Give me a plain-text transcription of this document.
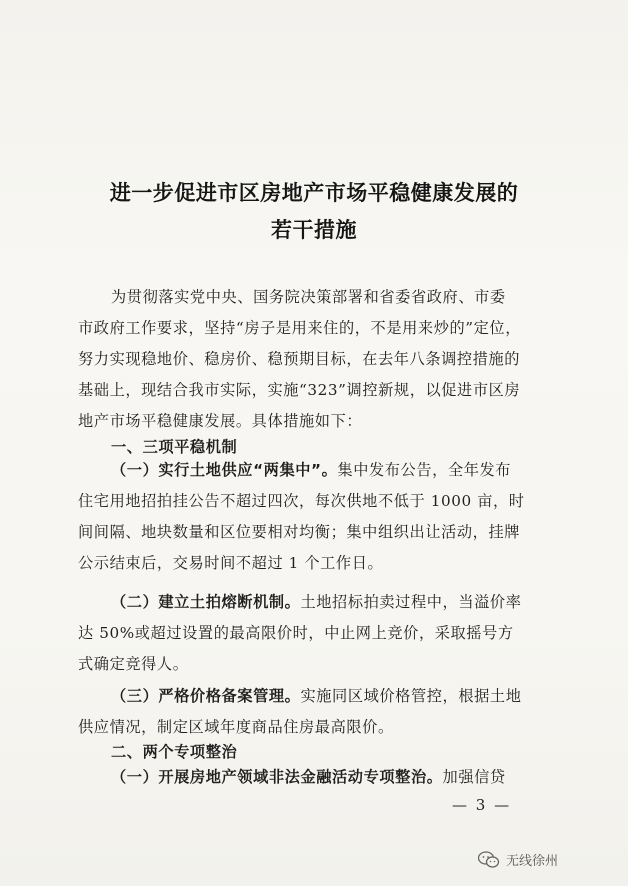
进一步促进市区房地产市场平稳健康发展的
若干措施
为贯彻落实党中央、国务院决策部署和省委省政府、市委
市政府工作要求，坚持“房子是用来住的，不是用来炒的”定位，
努力实现稳地价、稳房价、稳预期目标，在去年八条调控措施的
基础上，现结合我市实际，实施“323”调控新规，以促进市区房
地产市场平稳健康发展。具体措施如下：
一、三项平稳机制
（一）实行土地供应“两集中”。集中发布公告，全年发布
住宅用地招拍挂公告不超过四次，每次供地不低于 1000 亩，时
间间隔、地块数量和区位要相对均衡；集中组织出让活动，挂牌
公示结束后，交易时间不超过 1 个工作日。
（二）建立土拍熔断机制。土地招标拍卖过程中，当溢价率
达 50%或超过设置的最高限价时，中止网上竞价，采取摇号方
式确定竞得人。
（三）严格价格备案管理。实施同区域价格管控，根据土地
供应情况，制定区域年度商品住房最高限价。
二、两个专项整治
（一）开展房地产领域非法金融活动专项整治。加强信贷
— 3 —
无线徐州
